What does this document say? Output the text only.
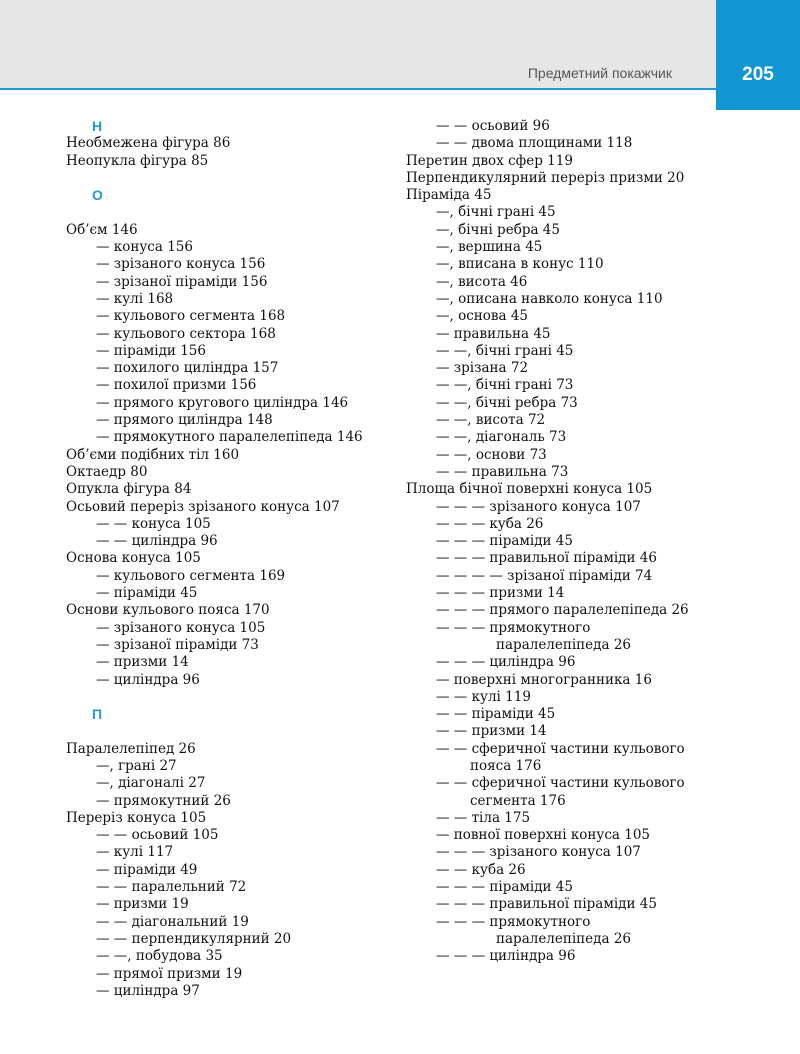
Предметний покажчик	205
Н
Необмежена фігура 86
Неопукла фігура 85
О
Об’єм 146
— конуса 156
— зрізаного конуса 156
— зрізаної піраміди 156
— кулі 168
— кульового сегмента 168
— кульового сектора 168
— піраміди 156
— похилого циліндра 157
— похилої призми 156
— прямого кругового циліндра 146
— прямого циліндра 148
— прямокутного паралелепіпеда 146
Об’єми подібних тіл 160
Октаедр 80
Опукла фігура 84
Осьовий переріз зрізаного конуса 107
— — конуса 105
— — циліндра 96
Основа конуса 105
— кульового сегмента 169
— піраміди 45
Основи кульового пояса 170
— зрізаного конуса 105
— зрізаної піраміди 73
— призми 14
— циліндра 96
П
Паралелепіпед 26
—, грані 27
—, діагоналі 27
— прямокутний 26
Переріз конуса 105
— — осьовий 105
— кулі 117
— піраміди 49
— — паралельний 72
— призми 19
— — діагональний 19
— — перпендикулярний 20
— —, побудова 35
— прямої призми 19
— циліндра 97
— — осьовий 96
— — двома площинами 118
Перетин двох сфер 119
Перпендикулярний переріз призми 20
Піраміда 45
—, бічні грані 45
—, бічні ребра 45
—, вершина 45
—, вписана в конус 110
—, висота 46
—, описана навколо конуса 110
—, основа 45
— правильна 45
— —, бічні грані 45
— зрізана 72
— —, бічні грані 73
— —, бічні ребра 73
— —, висота 72
— —, діагональ 73
— —, основи 73
— — правильна 73
Площа бічної поверхні конуса 105
— — — зрізаного конуса 107
— — — куба 26
— — — піраміди 45
— — — правильної піраміди 46
— — — — зрізаної піраміди 74
— — — призми 14
— — — прямого паралелепіпеда 26
— — — прямокутного
паралелепіпеда 26
— — — циліндра 96
— поверхні многогранника 16
— — кулі 119
— — піраміди 45
— — призми 14
— — сферичної частини кульового
пояса 176
— — сферичної частини кульового
сегмента 176
— — тіла 175
— повної поверхні конуса 105
— — — зрізаного конуса 107
— — куба 26
— — — піраміди 45
— — — правильної піраміди 45
— — — прямокутного
паралелепіпеда 26
— — — циліндра 96
